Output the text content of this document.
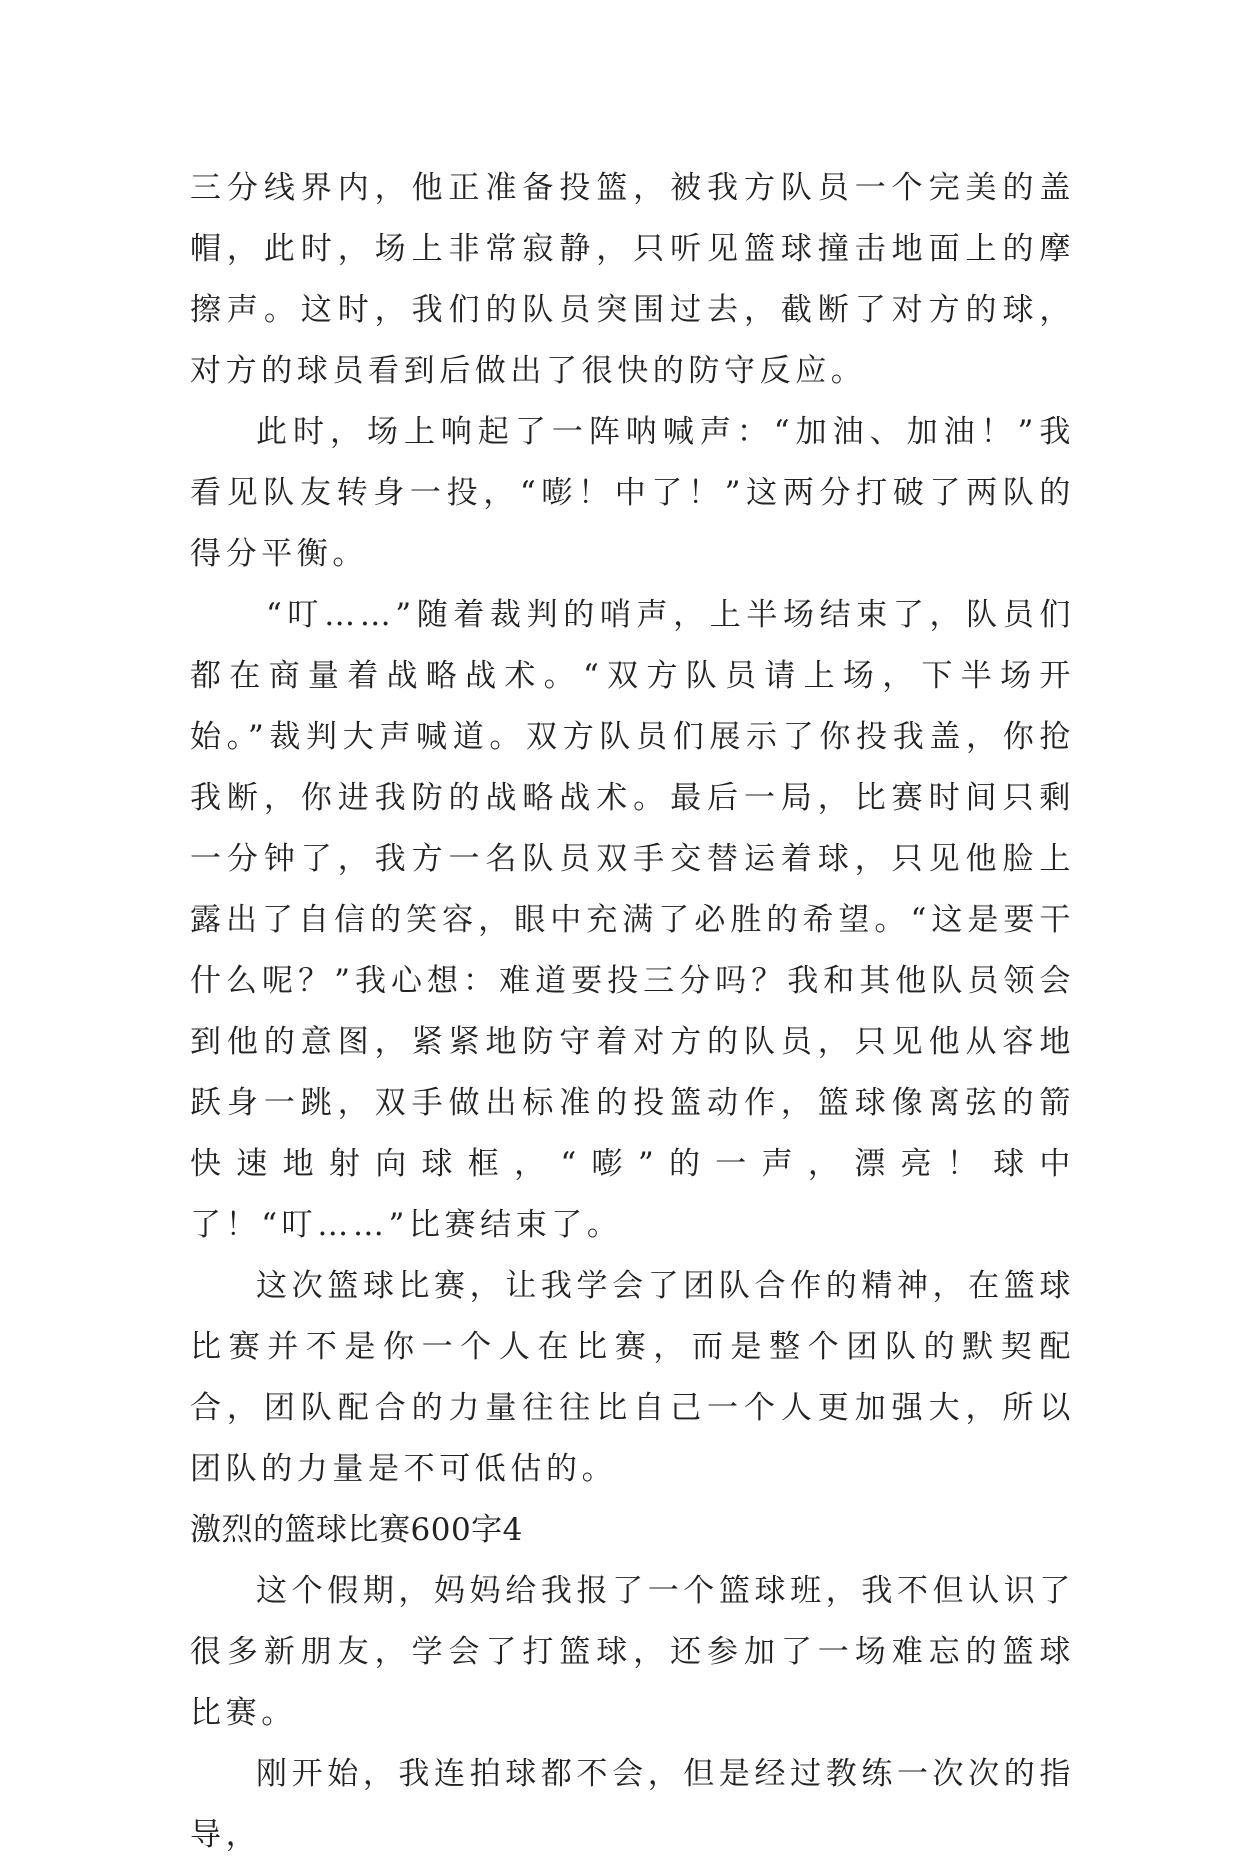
三分线界内，他正准备投篮，被我方队员一个完美的盖帽，此时，场上非常寂静，只听见篮球撞击地面上的摩擦声。这时，我们的队员突围过去，截断了对方的球，对方的球员看到后做出了很快的防守反应。

此时，场上响起了一阵呐喊声：“加油、加油！”我看见队友转身一投，“嘭！中了！”这两分打破了两队的得分平衡。

“叮……”随着裁判的哨声，上半场结束了，队员们都在商量着战略战术。“双方队员请上场，下半场开始。”裁判大声喊道。双方队员们展示了你投我盖，你抢我断，你进我防的战略战术。最后一局，比赛时间只剩一分钟了，我方一名队员双手交替运着球，只见他脸上露出了自信的笑容，眼中充满了必胜的希望。“这是要干什么呢？”我心想：难道要投三分吗？我和其他队员领会到他的意图，紧紧地防守着对方的队员，只见他从容地跃身一跳，双手做出标准的投篮动作，篮球像离弦的箭快速地射向球框，“嘭”的一声，漂亮！球中了！“叮……”比赛结束了。

这次篮球比赛，让我学会了团队合作的精神，在篮球比赛并不是你一个人在比赛，而是整个团队的默契配合，团队配合的力量往往比自己一个人更加强大，所以团队的力量是不可低估的。

激烈的篮球比赛600字4

这个假期，妈妈给我报了一个篮球班，我不但认识了很多新朋友，学会了打篮球，还参加了一场难忘的篮球比赛。

刚开始，我连拍球都不会，但是经过教练一次次的指导，
